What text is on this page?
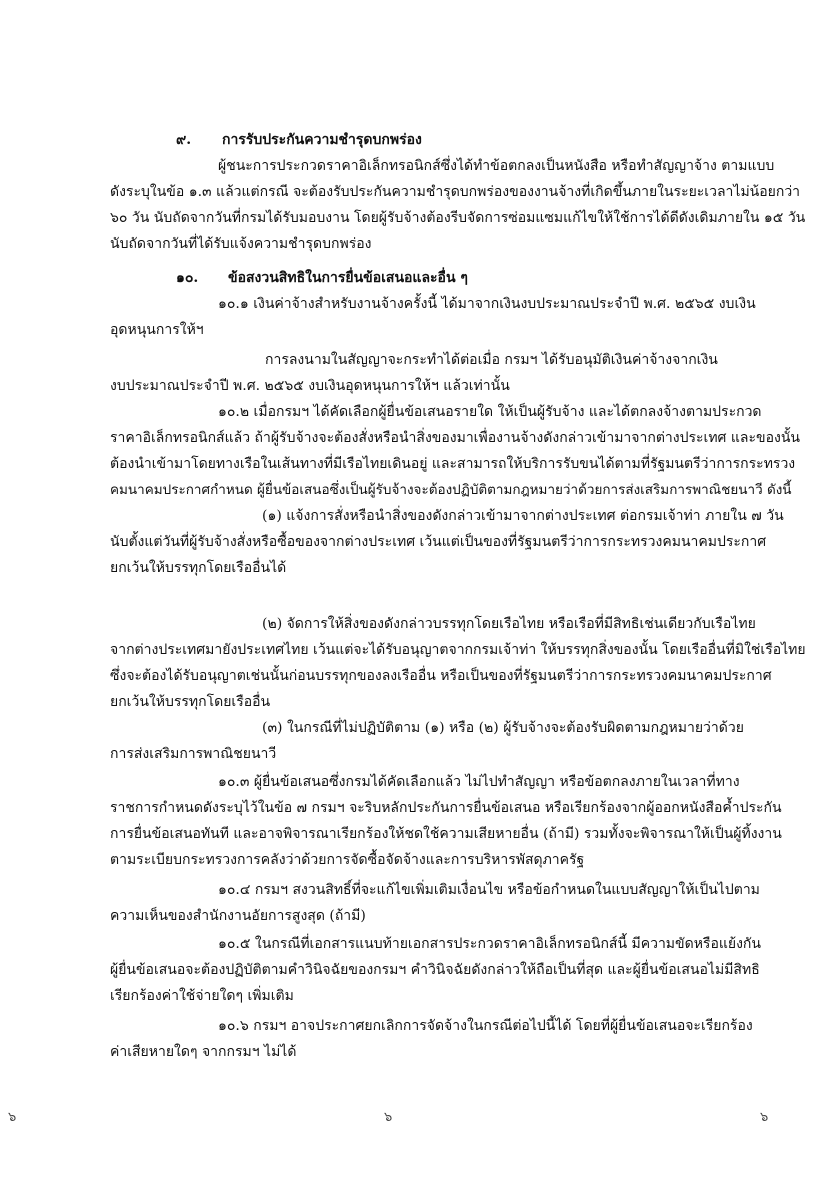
๙. การรับประกันความชำรุดบกพร่อง
ผู้ชนะการประกวดราคาอิเล็กทรอนิกส์ซึ่งได้ทำข้อตกลงเป็นหนังสือ หรือทำสัญญาจ้าง ตามแบบ
ดังระบุในข้อ ๑.๓ แล้วแต่กรณี จะต้องรับประกันความชำรุดบกพร่องของงานจ้างที่เกิดขึ้นภายในระยะเวลาไม่น้อยกว่า
๖๐ วัน นับถัดจากวันที่กรมได้รับมอบงาน โดยผู้รับจ้างต้องรีบจัดการซ่อมแซมแก้ไขให้ใช้การได้ดีดังเดิมภายใน ๑๕ วัน
นับถัดจากวันที่ได้รับแจ้งความชำรุดบกพร่อง
๑๐. ข้อสงวนสิทธิในการยื่นข้อเสนอและอื่น ๆ
๑๐.๑ เงินค่าจ้างสำหรับงานจ้างครั้งนี้ ได้มาจากเงินงบประมาณประจำปี พ.ศ. ๒๕๖๕ งบเงิน
อุดหนุนการให้ฯ
การลงนามในสัญญาจะกระทำได้ต่อเมื่อ กรมฯ ได้รับอนุมัติเงินค่าจ้างจากเงิน
งบประมาณประจำปี พ.ศ. ๒๕๖๕ งบเงินอุดหนุนการให้ฯ แล้วเท่านั้น
๑๐.๒ เมื่อกรมฯ ได้คัดเลือกผู้ยื่นข้อเสนอรายใด ให้เป็นผู้รับจ้าง และได้ตกลงจ้างตามประกวด
ราคาอิเล็กทรอนิกส์แล้ว ถ้าผู้รับจ้างจะต้องสั่งหรือนำสิ่งของมาเพื่องานจ้างดังกล่าวเข้ามาจากต่างประเทศ และของนั้น
ต้องนำเข้ามาโดยทางเรือในเส้นทางที่มีเรือไทยเดินอยู่ และสามารถให้บริการรับขนได้ตามที่รัฐมนตรีว่าการกระทรวง
คมนาคมประกาศกำหนด ผู้ยื่นข้อเสนอซึ่งเป็นผู้รับจ้างจะต้องปฏิบัติตามกฎหมายว่าด้วยการส่งเสริมการพาณิชยนาวี ดังนี้
(๑) แจ้งการสั่งหรือนำสิ่งของดังกล่าวเข้ามาจากต่างประเทศ ต่อกรมเจ้าท่า ภายใน ๗ วัน
นับตั้งแต่วันที่ผู้รับจ้างสั่งหรือซื้อของจากต่างประเทศ เว้นแต่เป็นของที่รัฐมนตรีว่าการกระทรวงคมนาคมประกาศ
ยกเว้นให้บรรทุกโดยเรืออื่นได้
(๒) จัดการให้สิ่งของดังกล่าวบรรทุกโดยเรือไทย หรือเรือที่มีสิทธิเช่นเดียวกับเรือไทย
จากต่างประเทศมายังประเทศไทย เว้นแต่จะได้รับอนุญาตจากกรมเจ้าท่า ให้บรรทุกสิ่งของนั้น โดยเรืออื่นที่มิใช่เรือไทย
ซึ่งจะต้องได้รับอนุญาตเช่นนั้นก่อนบรรทุกของลงเรืออื่น หรือเป็นของที่รัฐมนตรีว่าการกระทรวงคมนาคมประกาศ
ยกเว้นให้บรรทุกโดยเรืออื่น
(๓) ในกรณีที่ไม่ปฏิบัติตาม (๑) หรือ (๒) ผู้รับจ้างจะต้องรับผิดตามกฎหมายว่าด้วย
การส่งเสริมการพาณิชยนาวี
๑๐.๓ ผู้ยื่นข้อเสนอซึ่งกรมได้คัดเลือกแล้ว ไม่ไปทำสัญญา หรือข้อตกลงภายในเวลาที่ทาง
ราชการกำหนดดังระบุไว้ในข้อ ๗ กรมฯ จะริบหลักประกันการยื่นข้อเสนอ หรือเรียกร้องจากผู้ออกหนังสือค้ำประกัน
การยื่นข้อเสนอทันที และอาจพิจารณาเรียกร้องให้ชดใช้ความเสียหายอื่น (ถ้ามี) รวมทั้งจะพิจารณาให้เป็นผู้ทิ้งงาน
ตามระเบียบกระทรวงการคลังว่าด้วยการจัดซื้อจัดจ้างและการบริหารพัสดุภาครัฐ
๑๐.๔ กรมฯ สงวนสิทธิ์ที่จะแก้ไขเพิ่มเติมเงื่อนไข หรือข้อกำหนดในแบบสัญญาให้เป็นไปตาม
ความเห็นของสำนักงานอัยการสูงสุด (ถ้ามี)
๑๐.๕ ในกรณีที่เอกสารแนบท้ายเอกสารประกวดราคาอิเล็กทรอนิกส์นี้ มีความขัดหรือแย้งกัน
ผู้ยื่นข้อเสนอจะต้องปฏิบัติตามคำวินิจฉัยของกรมฯ คำวินิจฉัยดังกล่าวให้ถือเป็นที่สุด และผู้ยื่นข้อเสนอไม่มีสิทธิ
เรียกร้องค่าใช้จ่ายใดๆ เพิ่มเติม
๑๐.๖ กรมฯ อาจประกาศยกเลิกการจัดจ้างในกรณีต่อไปนี้ได้ โดยที่ผู้ยื่นข้อเสนอจะเรียกร้อง
ค่าเสียหายใดๆ จากกรมฯ ไม่ได้
๖	๖	๖
